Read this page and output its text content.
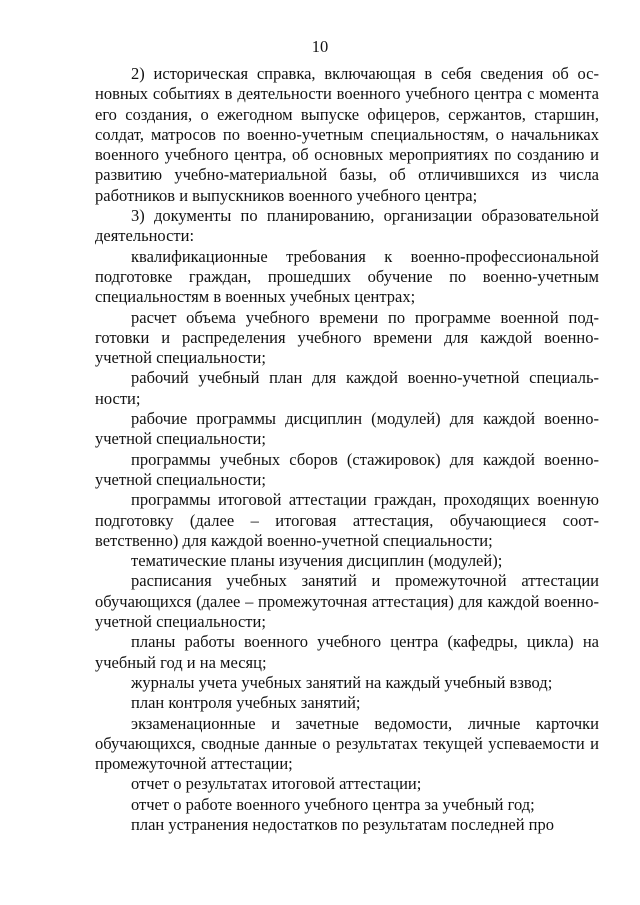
10

2) историческая справка, включающая в себя сведения об основных событиях в деятельности военного учебного центра с момента его создания, о ежегодном выпуске офицеров, сержантов, старшин, солдат, матросов по военно-учетным специальностям, о начальниках военного учебного центра, об основных мероприятиях по созданию и развитию учебно-материальной базы, об отличившихся из числа работников и выпускников военного учебного центра;

3) документы по планированию, организации образовательной деятельности:

квалификационные требования к военно-профессиональной подготовке граждан, прошедших обучение по военно-учетным специальностям в военных учебных центрах;

расчет объема учебного времени по программе военной подготовки и распределения учебного времени для каждой военно-учетной специальности;

рабочий учебный план для каждой военно-учетной специальности;

рабочие программы дисциплин (модулей) для каждой военно-учетной специальности;

программы учебных сборов (стажировок) для каждой военно-учетной специальности;

программы итоговой аттестации граждан, проходящих военную подготовку (далее – итоговая аттестация, обучающиеся соответственно) для каждой военно-учетной специальности;

тематические планы изучения дисциплин (модулей);

расписания учебных занятий и промежуточной аттестации обучающихся (далее – промежуточная аттестация) для каждой военно-учетной специальности;

планы работы военного учебного центра (кафедры, цикла) на учебный год и на месяц;

журналы учета учебных занятий на каждый учебный взвод;

план контроля учебных занятий;

экзаменационные и зачетные ведомости, личные карточки обучающихся, сводные данные о результатах текущей успеваемости и промежуточной аттестации;

отчет о результатах итоговой аттестации;

отчет о работе военного учебного центра за учебный год;

план устранения недостатков по результатам последней про
